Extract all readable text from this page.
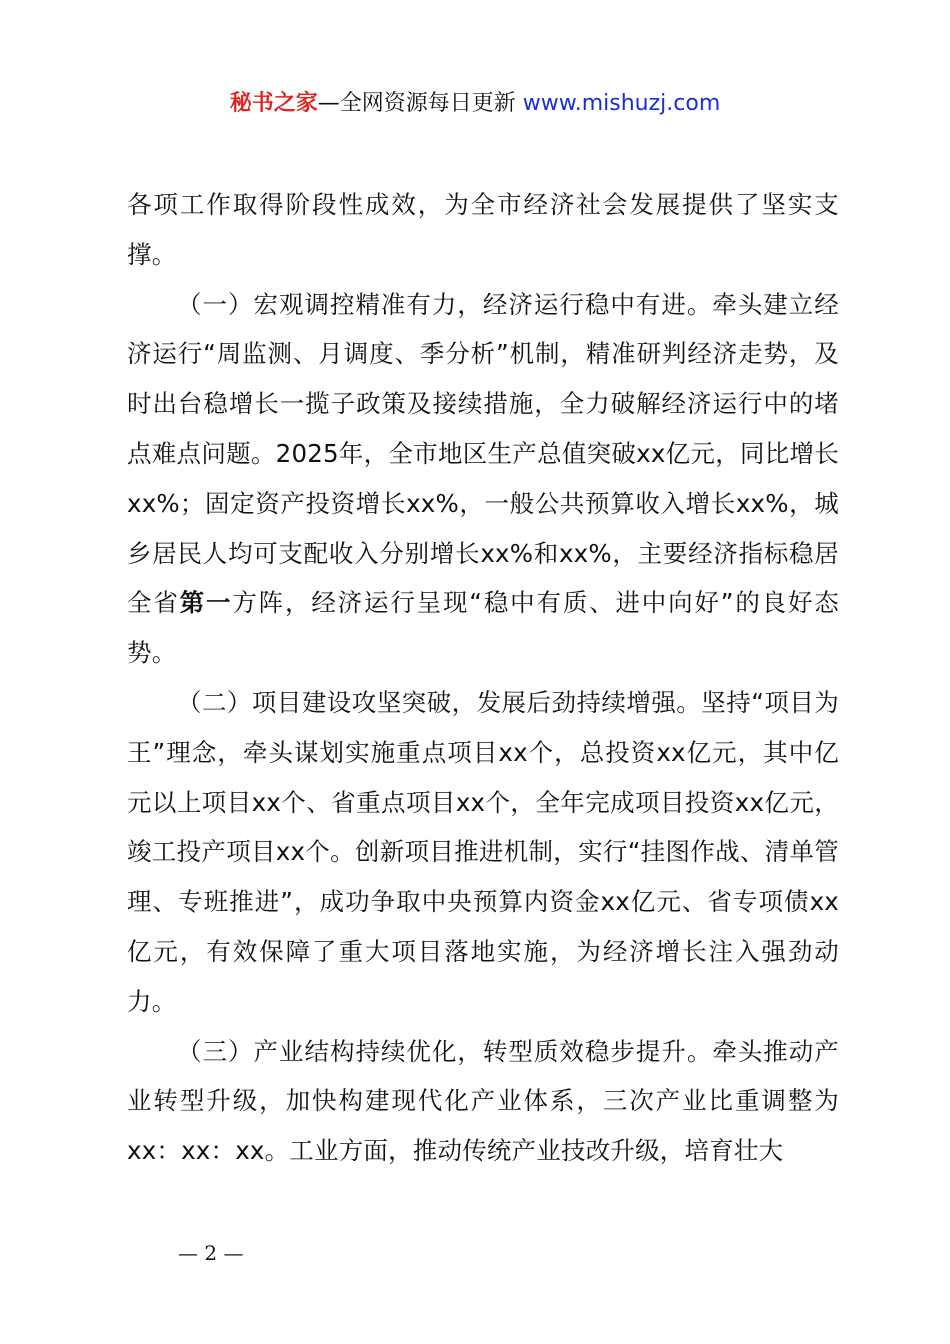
秘书之家—全网资源每日更新 www.mishuzj.com

各项工作取得阶段性成效，为全市经济社会发展提供了坚实支撑。

（一）宏观调控精准有力，经济运行稳中有进。牵头建立经济运行“周监测、月调度、季分析”机制，精准研判经济走势，及时出台稳增长一揽子政策及接续措施，全力破解经济运行中的堵点难点问题。2025年，全市地区生产总值突破xx亿元，同比增长xx%；固定资产投资增长xx%，一般公共预算收入增长xx%，城乡居民人均可支配收入分别增长xx%和xx%，主要经济指标稳居全省第一方阵，经济运行呈现“稳中有质、进中向好”的良好态势。

（二）项目建设攻坚突破，发展后劲持续增强。坚持“项目为王”理念，牵头谋划实施重点项目xx个，总投资xx亿元，其中亿元以上项目xx个、省重点项目xx个，全年完成项目投资xx亿元，竣工投产项目xx个。创新项目推进机制，实行“挂图作战、清单管理、专班推进”，成功争取中央预算内资金xx亿元、省专项债xx亿元，有效保障了重大项目落地实施，为经济增长注入强劲动力。

（三）产业结构持续优化，转型质效稳步提升。牵头推动产业转型升级，加快构建现代化产业体系，三次产业比重调整为xx：xx：xx。工业方面，推动传统产业技改升级，培育壮大

— 2 —
